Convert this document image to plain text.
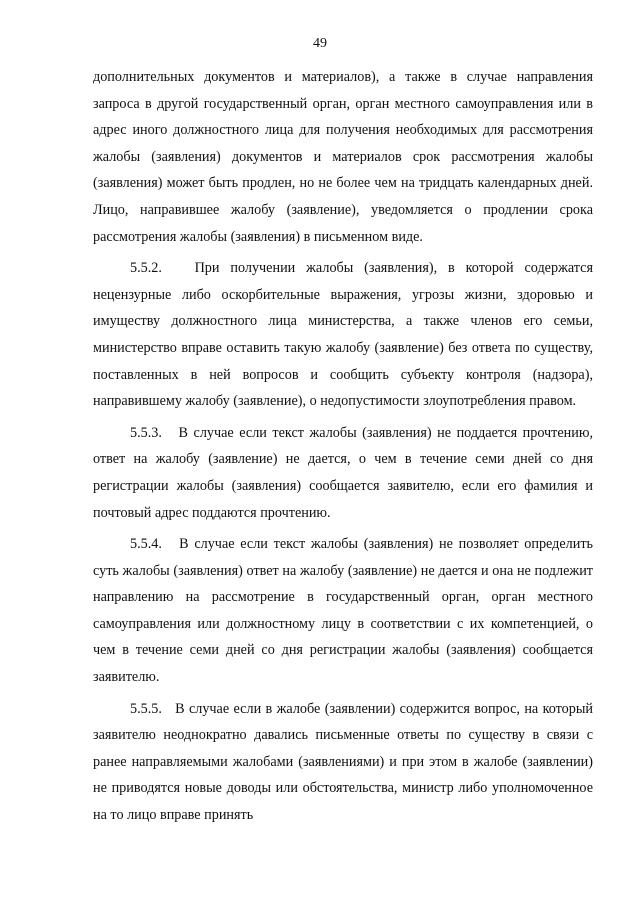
49

дополнительных документов и материалов), а также в случае направления запроса в другой государственный орган, орган местного самоуправления или в адрес иного должностного лица для получения необходимых для рассмотрения жалобы (заявления) документов и материалов срок рассмотрения жалобы (заявления) может быть продлен, но не более чем на тридцать календарных дней. Лицо, направившее жалобу (заявление), уведомляется о продлении срока рассмотрения жалобы (заявления) в письменном виде.

5.5.2. При получении жалобы (заявления), в которой содержатся нецензурные либо оскорбительные выражения, угрозы жизни, здоровью и имуществу должностного лица министерства, а также членов его семьи, министерство вправе оставить такую жалобу (заявление) без ответа по существу, поставленных в ней вопросов и сообщить субъекту контроля (надзора), направившему жалобу (заявление), о недопустимости злоупотребления правом.

5.5.3. В случае если текст жалобы (заявления) не поддается прочтению, ответ на жалобу (заявление) не дается, о чем в течение семи дней со дня регистрации жалобы (заявления) сообщается заявителю, если его фамилия и почтовый адрес поддаются прочтению.

5.5.4. В случае если текст жалобы (заявления) не позволяет определить суть жалобы (заявления) ответ на жалобу (заявление) не дается и она не подлежит направлению на рассмотрение в государственный орган, орган местного самоуправления или должностному лицу в соответствии с их компетенцией, о чем в течение семи дней со дня регистрации жалобы (заявления) сообщается заявителю.

5.5.5. В случае если в жалобе (заявлении) содержится вопрос, на который заявителю неоднократно давались письменные ответы по существу в связи с ранее направляемыми жалобами (заявлениями) и при этом в жалобе (заявлении) не приводятся новые доводы или обстоятельства, министр либо уполномоченное на то лицо вправе принять
